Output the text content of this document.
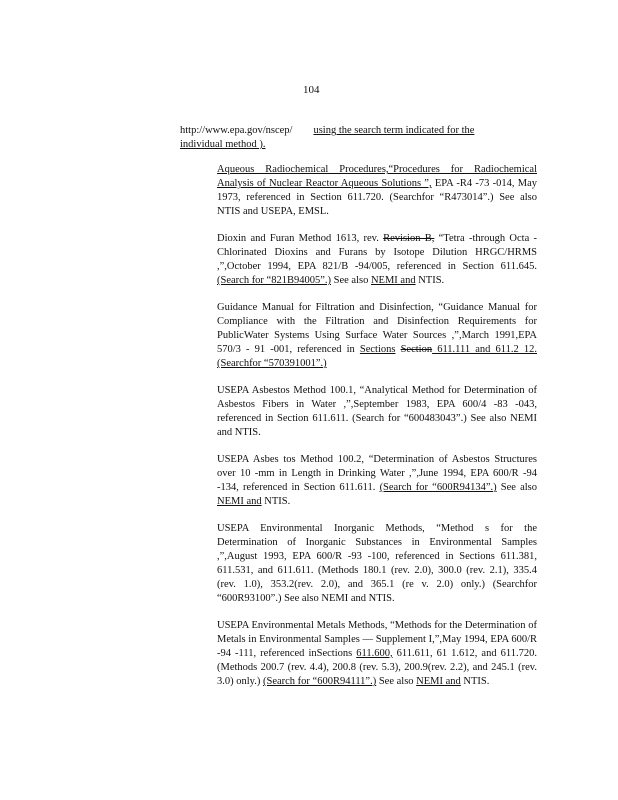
104
http://www.epa.gov/nscep/ using the search term indicated for the individual method ).

Aqueous Radiochemical Procedures,“Procedures for Radiochemical Analysis of Nuclear Reactor Aqueous Solutions ”, EPA -R4 -73 -014, May 1973, referenced in Section 611.720. (Searchfor “R473014”.) See also NTIS and USEPA, EMSL.

Dioxin and Furan Method 1613, rev. Revision B, “Tetra -through Octa -Chlorinated Dioxins and Furans by Isotope Dilution HRGC/HRMS ,”,October 1994, EPA 821/B -94/005, referenced in Section 611.645. (Search for “821B94005”.) See also NEMI and NTIS.

Guidance Manual for Filtration and Disinfection, “Guidance Manual for Compliance with the Filtration and Disinfection Requirements for PublicWater Systems Using Surface Water Sources ,”,March 1991,EPA 570/3 - 91 -001, referenced in Sections Section 611.111 and 611.2 12. (Searchfor “570391001”.)

USEPA Asbestos Method 100.1, “Analytical Method for Determination of Asbestos Fibers in Water ,”,September 1983, EPA 600/4 -83 -043, referenced in Section 611.611. (Search for “600483043”.) See also NEMI and NTIS.

USEPA Asbes tos Method 100.2, “Determination of Asbestos Structures over 10 -mm in Length in Drinking Water ,”,June 1994, EPA 600/R -94 -134, referenced in Section 611.611. (Search for “600R94134”.) See also NEMI and NTIS.

USEPA Environmental Inorganic Methods, “Method s for the Determination of Inorganic Substances in Environmental Samples ,”,August 1993, EPA 600/R -93 -100, referenced in Sections 611.381, 611.531, and 611.611. (Methods 180.1 (rev. 2.0), 300.0 (rev. 2.1), 335.4 (rev. 1.0), 353.2(rev. 2.0), and 365.1 (re v. 2.0) only.) (Searchfor “600R93100”.) See also NEMI and NTIS.

USEPA Environmental Metals Methods, “Methods for the Determination of Metals in Environmental Samples — Supplement I,”,May 1994, EPA 600/R -94 -111, referenced inSections 611.600, 611.611, 61 1.612, and 611.720. (Methods 200.7 (rev. 4.4), 200.8 (rev. 5.3), 200.9(rev. 2.2), and 245.1 (rev. 3.0) only.) (Search for “600R94111”.) See also NEMI and NTIS.
